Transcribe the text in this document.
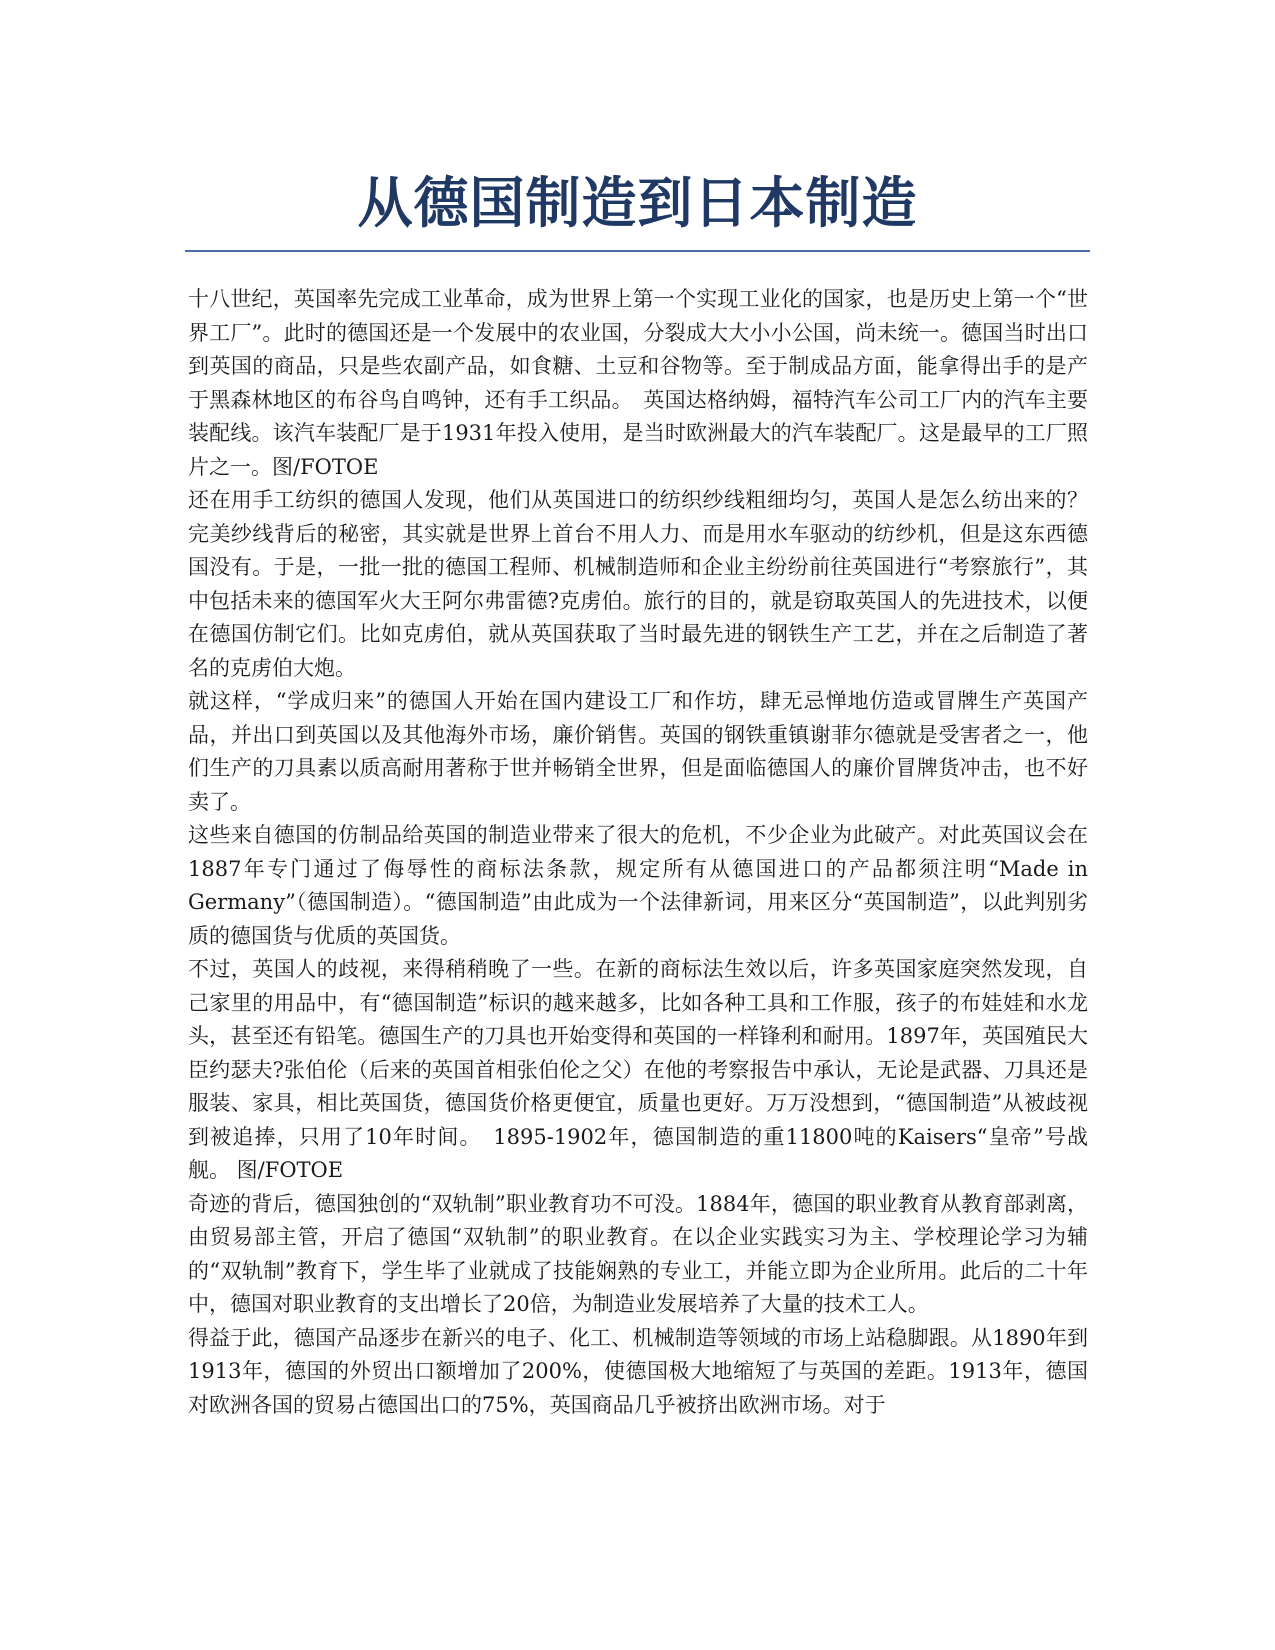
从德国制造到日本制造

十八世纪，英国率先完成工业革命，成为世界上第一个实现工业化的国家，也是历史上第一个“世界工厂”。此时的德国还是一个发展中的农业国，分裂成大大小小公国，尚未统一。德国当时出口到英国的商品，只是些农副产品，如食糖、土豆和谷物等。至于制成品方面，能拿得出手的是产于黑森林地区的布谷鸟自鸣钟，还有手工织品。　英国达格纳姆，福特汽车公司工厂内的汽车主要装配线。该汽车装配厂是于1931年投入使用，是当时欧洲最大的汽车装配厂。这是最早的工厂照片之一。图/FOTOE

还在用手工纺织的德国人发现，他们从英国进口的纺织纱线粗细均匀，英国人是怎么纺出来的？完美纱线背后的秘密，其实就是世界上首台不用人力、而是用水车驱动的纺纱机，但是这东西德国没有。于是，一批一批的德国工程师、机械制造师和企业主纷纷前往英国进行“考察旅行”，其中包括未来的德国军火大王阿尔弗雷德?克虏伯。旅行的目的，就是窃取英国人的先进技术，以便在德国仿制它们。比如克虏伯，就从英国获取了当时最先进的钢铁生产工艺，并在之后制造了著名的克虏伯大炮。

就这样，“学成归来”的德国人开始在国内建设工厂和作坊，肆无忌惮地仿造或冒牌生产英国产品，并出口到英国以及其他海外市场，廉价销售。英国的钢铁重镇谢菲尔德就是受害者之一，他们生产的刀具素以质高耐用著称于世并畅销全世界，但是面临德国人的廉价冒牌货冲击，也不好卖了。

这些来自德国的仿制品给英国的制造业带来了很大的危机，不少企业为此破产。对此英国议会在1887年专门通过了侮辱性的商标法条款，规定所有从德国进口的产品都须注明“Made in Germany”（德国制造）。“德国制造”由此成为一个法律新词，用来区分“英国制造”，以此判别劣质的德国货与优质的英国货。

不过，英国人的歧视，来得稍稍晚了一些。在新的商标法生效以后，许多英国家庭突然发现，自己家里的用品中，有“德国制造”标识的越来越多，比如各种工具和工作服，孩子的布娃娃和水龙头，甚至还有铅笔。德国生产的刀具也开始变得和英国的一样锋利和耐用。1897年，英国殖民大臣约瑟夫?张伯伦（后来的英国首相张伯伦之父）在他的考察报告中承认，无论是武器、刀具还是服装、家具，相比英国货，德国货价格更便宜，质量也更好。万万没想到，“德国制造”从被歧视到被追捧，只用了10年时间。　1895-1902年，德国制造的重11800吨的Kaisers“皇帝”号战舰。 图/FOTOE

奇迹的背后，德国独创的“双轨制”职业教育功不可没。1884年，德国的职业教育从教育部剥离，由贸易部主管，开启了德国“双轨制”的职业教育。在以企业实践实习为主、学校理论学习为辅的“双轨制”教育下，学生毕了业就成了技能娴熟的专业工，并能立即为企业所用。此后的二十年中，德国对职业教育的支出增长了20倍，为制造业发展培养了大量的技术工人。

得益于此，德国产品逐步在新兴的电子、化工、机械制造等领域的市场上站稳脚跟。从1890年到1913年，德国的外贸出口额增加了200%，使德国极大地缩短了与英国的差距。1913年，德国对欧洲各国的贸易占德国出口的75%，英国商品几乎被挤出欧洲市场。对于
